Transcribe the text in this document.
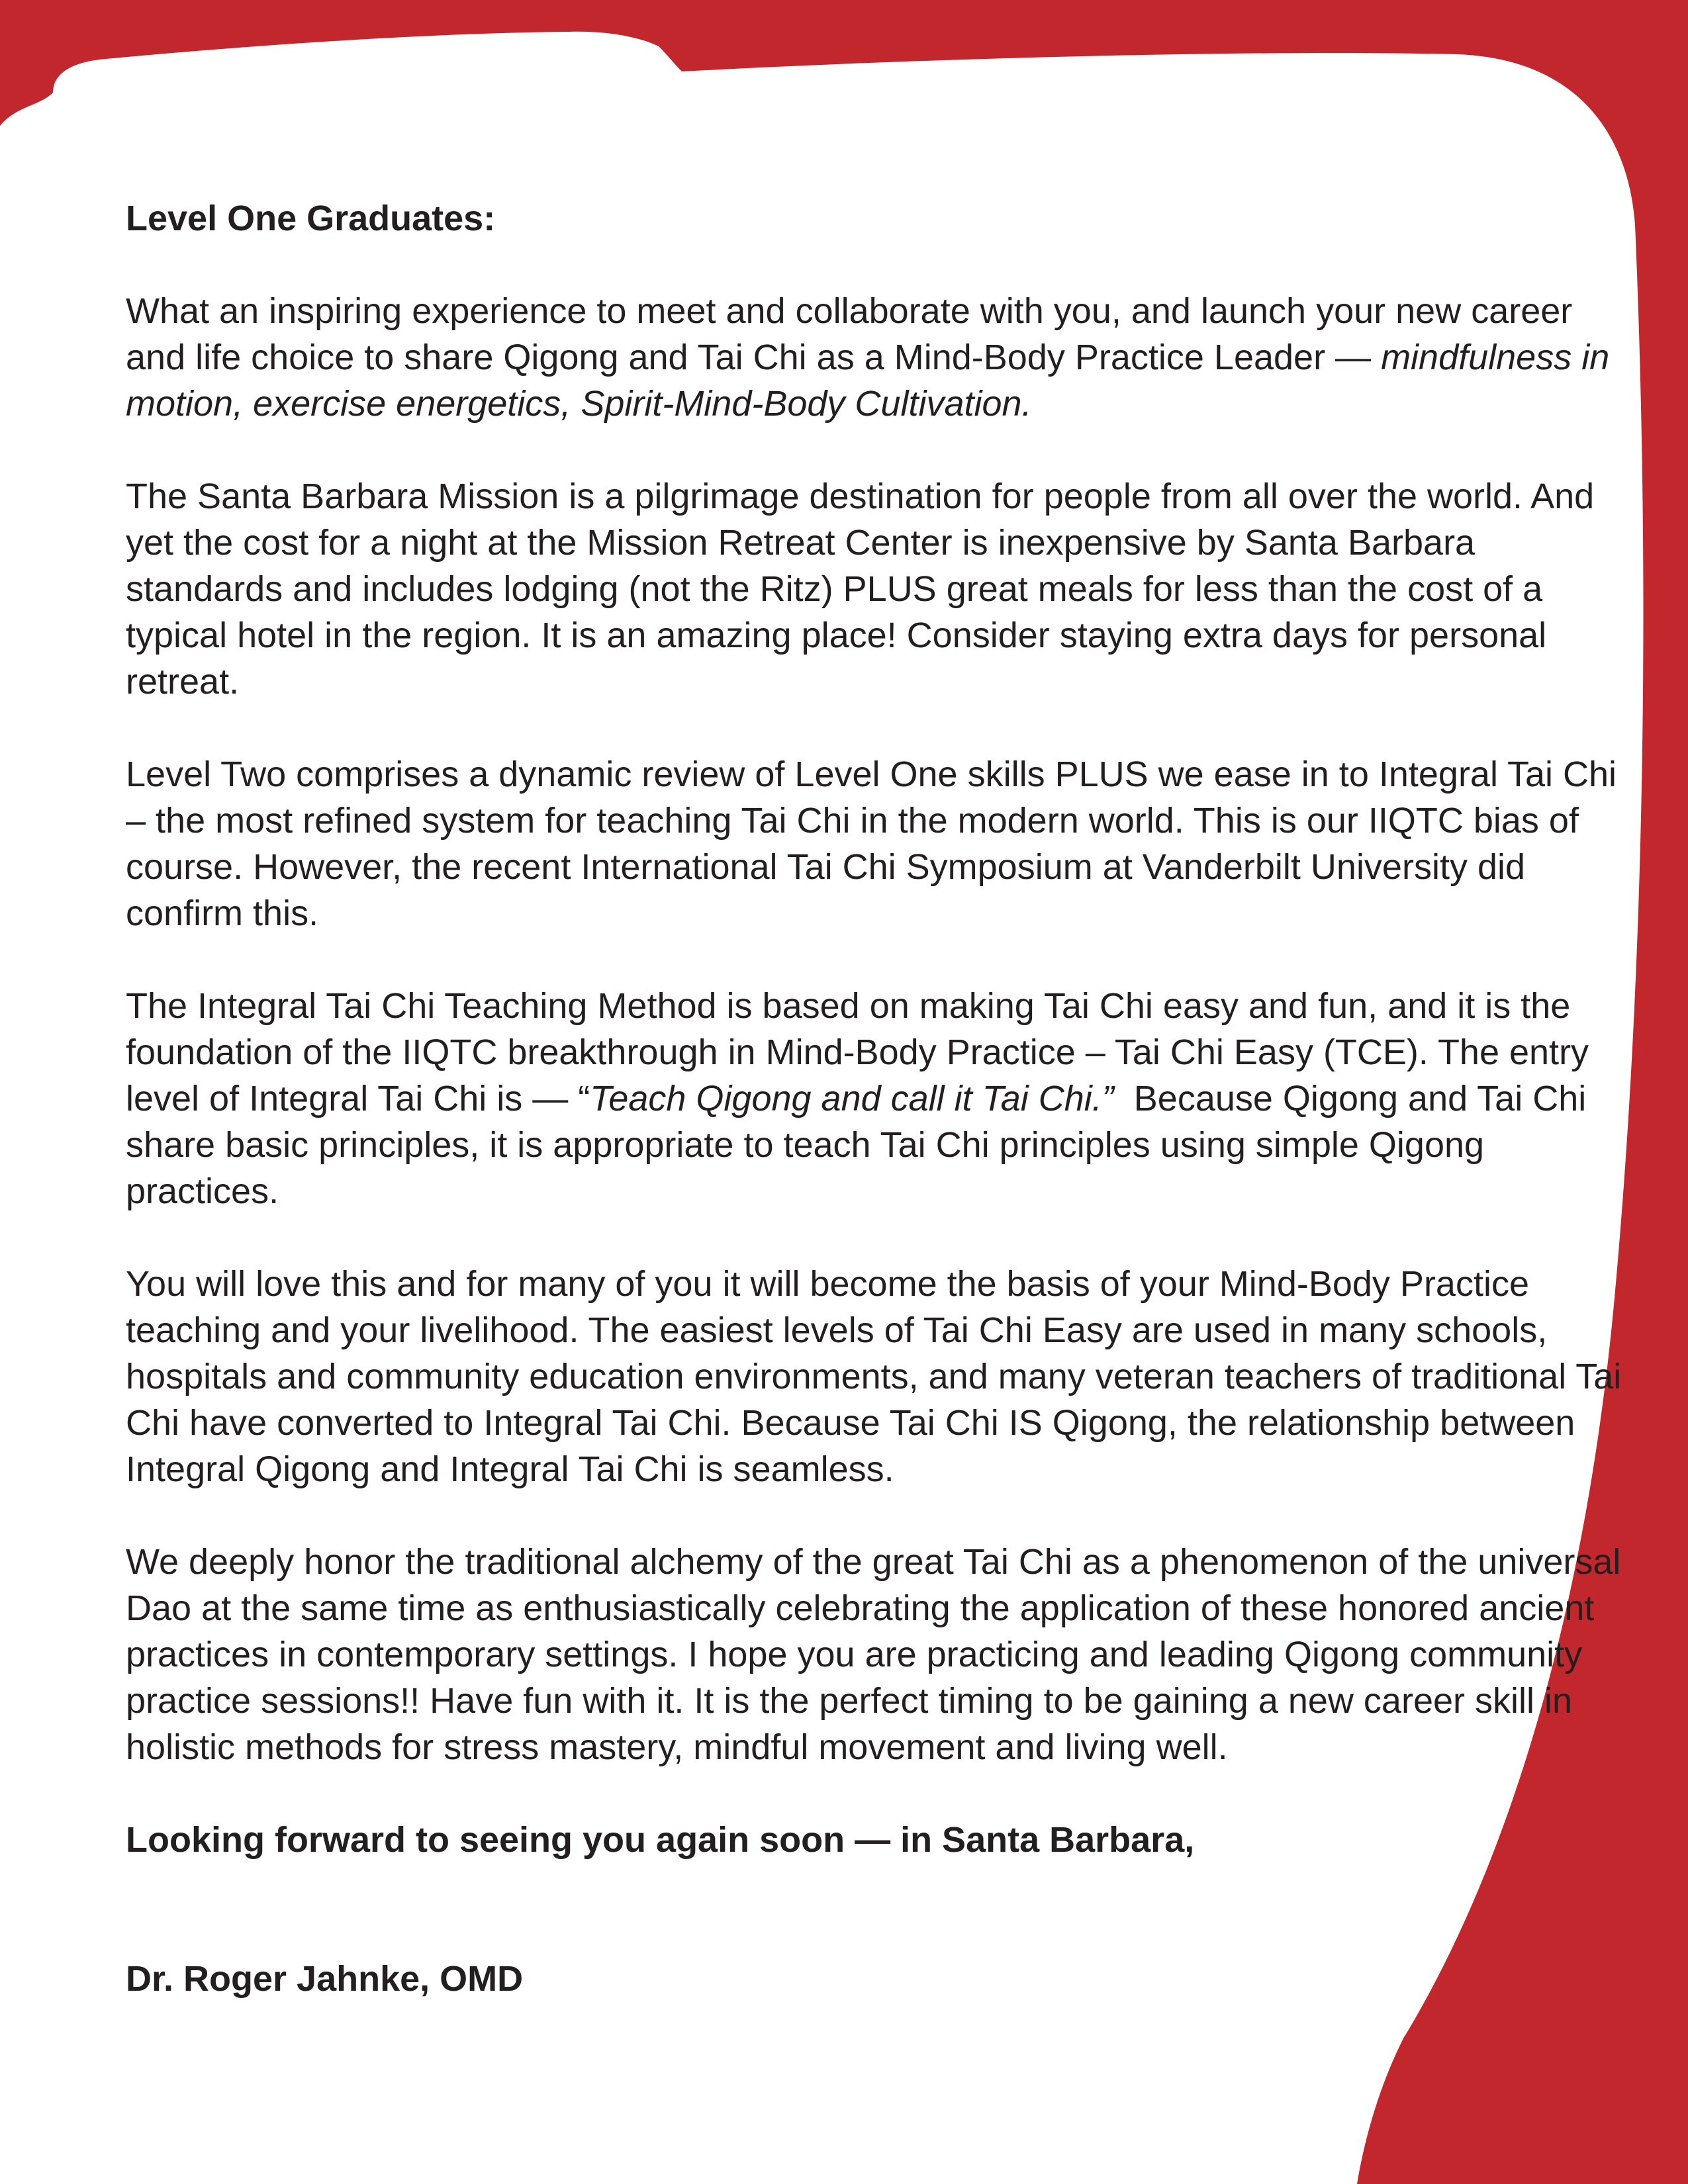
Level One Graduates:

What an inspiring experience to meet and collaborate with you, and launch your new career and life choice to share Qigong and Tai Chi as a Mind-Body Practice Leader — mindfulness in motion, exercise energetics, Spirit-Mind-Body Cultivation.

The Santa Barbara Mission is a pilgrimage destination for people from all over the world. And yet the cost for a night at the Mission Retreat Center is inexpensive by Santa Barbara standards and includes lodging (not the Ritz) PLUS great meals for less than the cost of a typical hotel in the region. It is an amazing place! Consider staying extra days for personal retreat.

Level Two comprises a dynamic review of Level One skills PLUS we ease in to Integral Tai Chi – the most refined system for teaching Tai Chi in the modern world. This is our IIQTC bias of course. However, the recent International Tai Chi Symposium at Vanderbilt University did confirm this.

The Integral Tai Chi Teaching Method is based on making Tai Chi easy and fun, and it is the foundation of the IIQTC breakthrough in Mind-Body Practice – Tai Chi Easy (TCE). The entry level of Integral Tai Chi is — “Teach Qigong and call it Tai Chi.”  Because Qigong and Tai Chi share basic principles, it is appropriate to teach Tai Chi principles using simple Qigong practices.

You will love this and for many of you it will become the basis of your Mind-Body Practice teaching and your livelihood. The easiest levels of Tai Chi Easy are used in many schools, hospitals and community education environments, and many veteran teachers of traditional Tai Chi have converted to Integral Tai Chi. Because Tai Chi IS Qigong, the relationship between Integral Qigong and Integral Tai Chi is seamless.

We deeply honor the traditional alchemy of the great Tai Chi as a phenomenon of the universal Dao at the same time as enthusiastically celebrating the application of these honored ancient practices in contemporary settings. I hope you are practicing and leading Qigong community practice sessions!! Have fun with it. It is the perfect timing to be gaining a new career skill in holistic methods for stress mastery, mindful movement and living well.

Looking forward to seeing you again soon — in Santa Barbara,

Dr. Roger Jahnke, OMD
